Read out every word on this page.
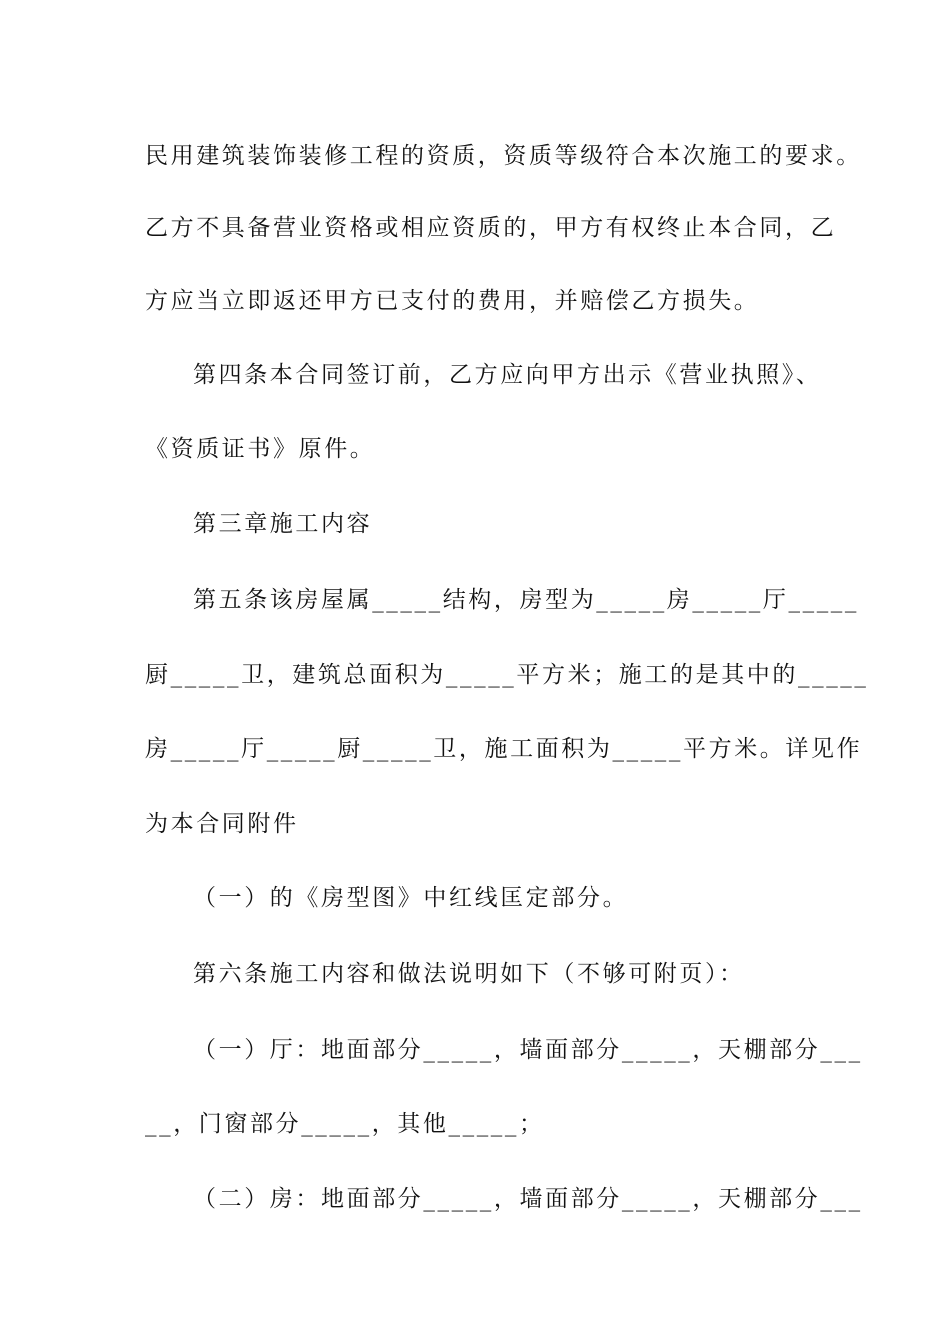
民用建筑装饰装修工程的资质，资质等级符合本次施工的要求。
乙方不具备营业资格或相应资质的，甲方有权终止本合同，乙
方应当立即返还甲方已支付的费用，并赔偿乙方损失。
第四条本合同签订前，乙方应向甲方出示《营业执照》、
《资质证书》原件。
第三章施工内容
第五条该房屋属_____结构，房型为_____房_____厅_____
厨_____卫，建筑总面积为_____平方米；施工的是其中的_____
房_____厅_____厨_____卫，施工面积为_____平方米。详见作
为本合同附件
（一）的《房型图》中红线匡定部分。
第六条施工内容和做法说明如下（不够可附页）：
（一）厅：地面部分_____，墙面部分_____，天棚部分___
__，门窗部分_____，其他_____；
（二）房：地面部分_____，墙面部分_____，天棚部分___
